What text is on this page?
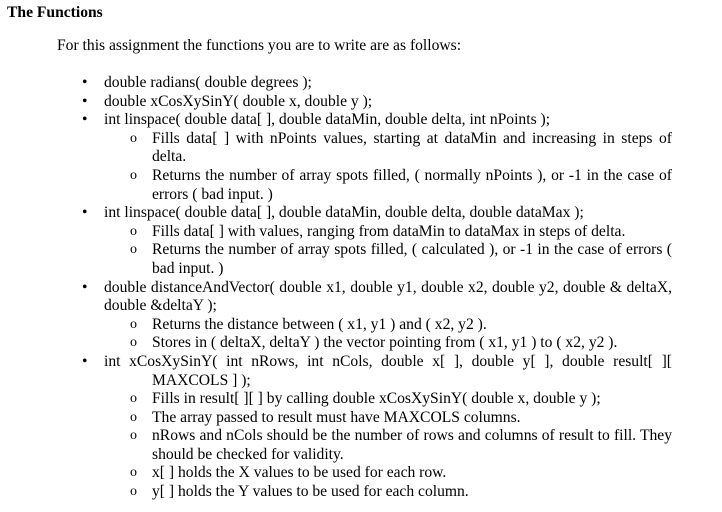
The Functions
For this assignment the functions you are to write are as follows:
• double radians( double degrees );
• double xCosXySinY( double x, double y );
• int linspace( double data[ ], double dataMin, double delta, int nPoints );
o Fills data[ ] with nPoints values, starting at dataMin and increasing in steps of delta.
o Returns the number of array spots filled, ( normally nPoints ), or -1 in the case of errors ( bad input. )
• int linspace( double data[ ], double dataMin, double delta, double dataMax );
o Fills data[ ] with values, ranging from dataMin to dataMax in steps of delta.
o Returns the number of array spots filled, ( calculated ), or -1 in the case of errors ( bad input. )
• double distanceAndVector( double x1, double y1, double x2, double y2, double & deltaX, double &deltaY );
o Returns the distance between ( x1, y1 ) and ( x2, y2 ).
o Stores in ( deltaX, deltaY ) the vector pointing from ( x1, y1 ) to ( x2, y2 ).
• int xCosXySinY( int nRows, int nCols, double x[ ], double y[ ], double result[ ][ MAXCOLS ] );
o Fills in result[ ][ ] by calling double xCosXySinY( double x, double y );
o The array passed to result must have MAXCOLS columns.
o nRows and nCols should be the number of rows and columns of result to fill. They should be checked for validity.
o x[ ] holds the X values to be used for each row.
o y[ ] holds the Y values to be used for each column.
